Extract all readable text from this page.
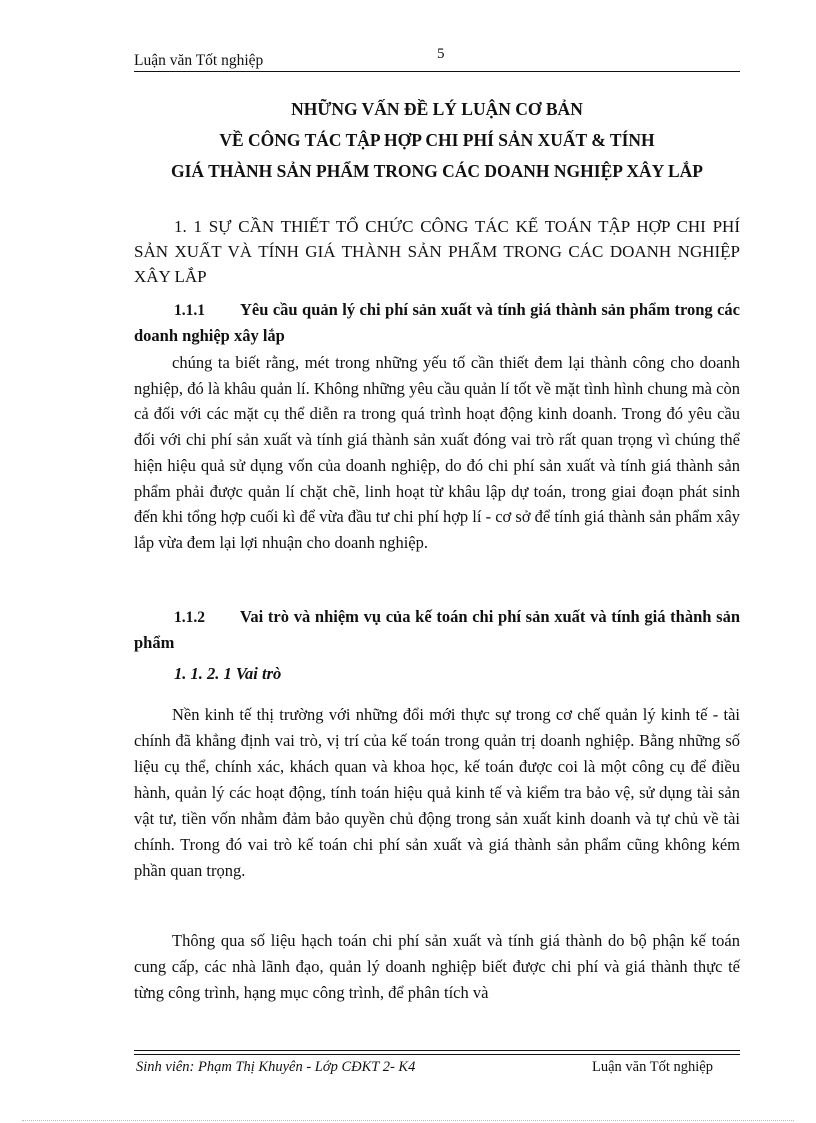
Luận văn Tốt nghiệp	5
NHỮNG VẤN ĐỀ LÝ LUẬN CƠ BẢN
VỀ CÔNG TÁC TẬP HỢP CHI PHÍ SẢN XUẤT & TÍNH
GIÁ THÀNH SẢN PHẨM TRONG CÁC DOANH NGHIỆP XÂY LẮP
1. 1 SỰ CẦN THIẾT TỔ CHỨC CÔNG TÁC KẾ TOÁN TẬP HỢP CHI PHÍ SẢN XUẤT VÀ TÍNH GIÁ THÀNH SẢN PHẨM TRONG CÁC DOANH NGHIỆP XÂY LẮP
1.1.1 Yêu cầu quản lý chi phí sản xuất và tính giá thành sản phẩm trong các doanh nghiệp xây lắp
chúng ta biết rằng, mét trong những yếu tố cần thiết đem lại thành công cho doanh nghiệp, đó là khâu quản lí. Không những yêu cầu quản lí tốt về mặt tình hình chung mà còn cả đối với các mặt cụ thể diễn ra trong quá trình hoạt động kinh doanh. Trong đó yêu cầu đối với chi phí sản xuất và tính giá thành sản xuất đóng vai trò rất quan trọng vì chúng thể hiện hiệu quả sử dụng vốn của doanh nghiệp, do đó chi phí sản xuất và tính giá thành sản phẩm phải được quản lí chặt chẽ, linh hoạt từ khâu lập dự toán, trong giai đoạn phát sinh đến khi tổng hợp cuối kì để vừa đầu tư chi phí hợp lí - cơ sở để tính giá thành sản phẩm xây lắp vừa đem lại lợi nhuận cho doanh nghiệp.
1.1.2 Vai trò và nhiệm vụ của kế toán chi phí sản xuất và tính giá thành sản phẩm
1. 1. 2. 1 Vai trò
Nền kinh tế thị trường với những đổi mới thực sự trong cơ chế quản lý kinh tế - tài chính đã khẳng định vai trò, vị trí của kế toán trong quản trị doanh nghiệp. Bằng những số liệu cụ thể, chính xác, khách quan và khoa học, kế toán được coi là một công cụ để điều hành, quản lý các hoạt động, tính toán hiệu quả kinh tế và kiểm tra bảo vệ, sử dụng tài sản vật tư, tiền vốn nhằm đảm bảo quyền chủ động trong sản xuất kinh doanh và tự chủ về tài chính. Trong đó vai trò kế toán chi phí sản xuất và giá thành sản phẩm cũng không kém phần quan trọng.
Thông qua số liệu hạch toán chi phí sản xuất và tính giá thành do bộ phận kế toán cung cấp, các nhà lãnh đạo, quản lý doanh nghiệp biết được chi phí và giá thành thực tế từng công trình, hạng mục công trình, để phân tích và
Sinh viên: Phạm Thị Khuyên - Lớp CĐKT 2- K4	Luận văn Tốt nghiệp
